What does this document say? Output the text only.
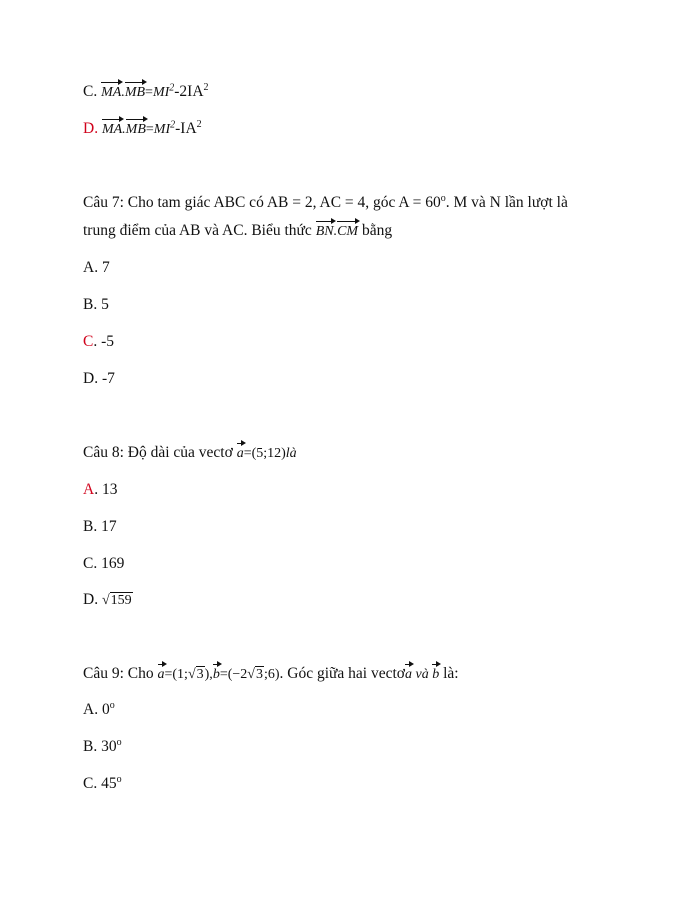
C. $MA.MB=MI^2-2IA^2$
D. $MA.MB=MI^2-IA^2$
Câu 7: Cho tam giác ABC có AB = 2, AC = 4, góc $A = 60^o$. M và N lần lượt là
trung điểm của AB và AC. Biểu thức BN.CM bằng
A. 7
B. 5
C. -5
D. -7
Câu 8: Độ dài của vectơ a=(5;12)là
A. 13
B. 17
C. 169
D. √159
Câu 9: Cho a=(1;√3),b=(−2√3;6). Góc giữa hai vectơa và b là:
A. 0$^o$
B. 30$^o$
C. 45$^o$
